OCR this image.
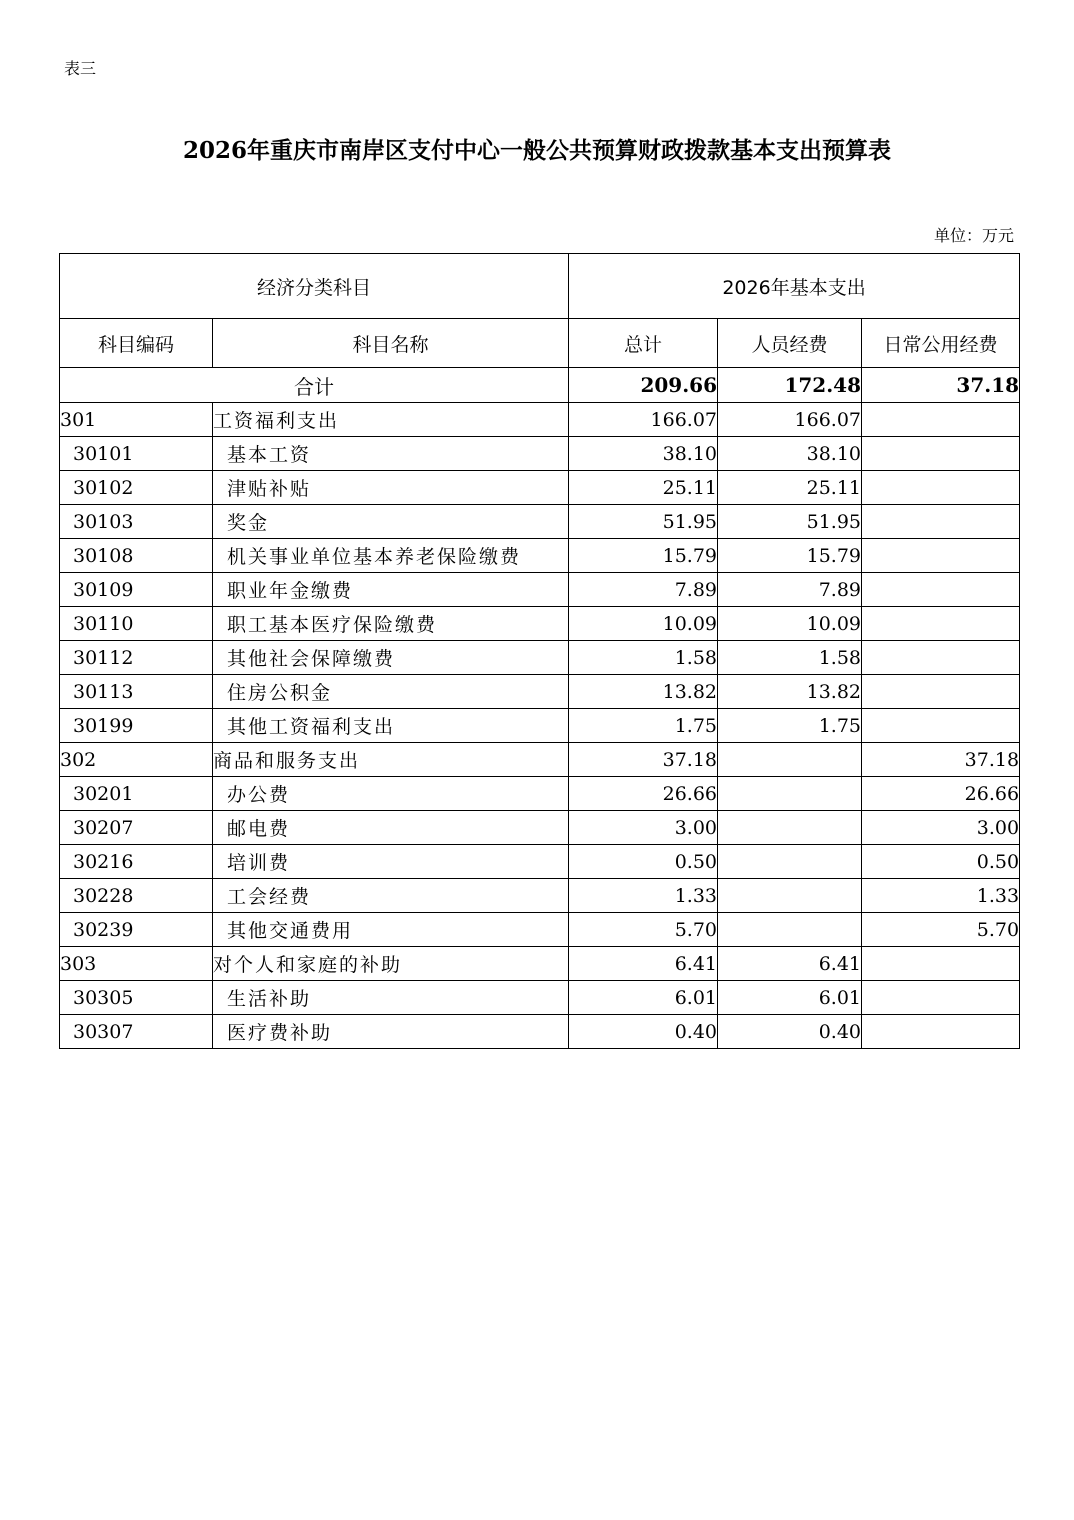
表三
2026年重庆市南岸区支付中心一般公共预算财政拨款基本支出预算表
单位：万元
经济分类科目		2026年基本支出		
科目编码	科目名称	总计	人员经费	日常公用经费
合计		209.66	172.48	37.18
301	工资福利支出	166.07	166.07	
30101	基本工资	38.10	38.10	
30102	津贴补贴	25.11	25.11	
30103	奖金	51.95	51.95	
30108	机关事业单位基本养老保险缴费	15.79	15.79	
30109	职业年金缴费	7.89	7.89	
30110	职工基本医疗保险缴费	10.09	10.09	
30112	其他社会保障缴费	1.58	1.58	
30113	住房公积金	13.82	13.82	
30199	其他工资福利支出	1.75	1.75	
302	商品和服务支出	37.18		37.18
30201	办公费	26.66		26.66
30207	邮电费	3.00		3.00
30216	培训费	0.50		0.50
30228	工会经费	1.33		1.33
30239	其他交通费用	5.70		5.70
303	对个人和家庭的补助	6.41	6.41	
30305	生活补助	6.01	6.01	
30307	医疗费补助	0.40	0.40	
